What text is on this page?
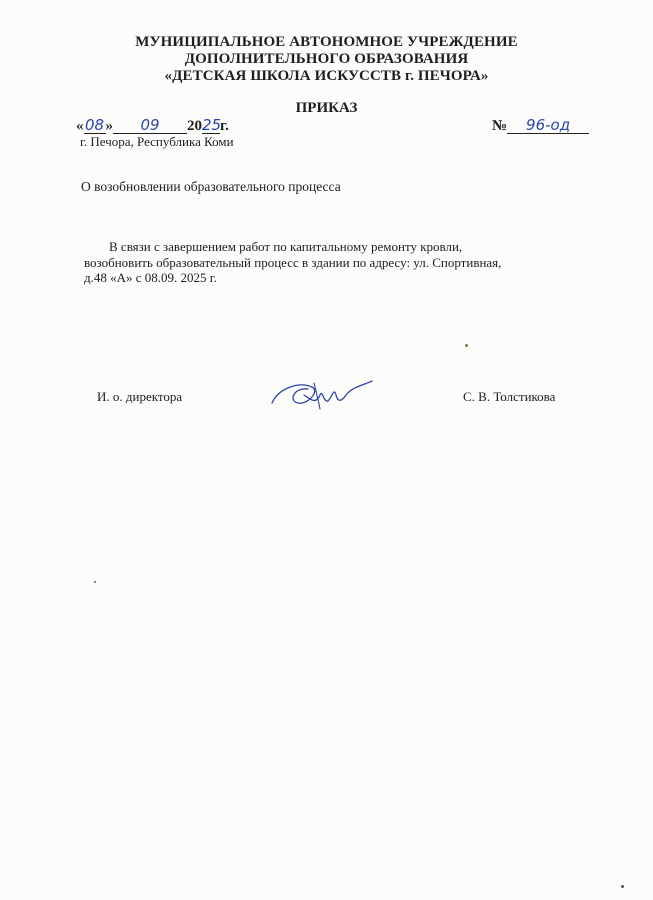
МУНИЦИПАЛЬНОЕ АВТОНОМНОЕ УЧРЕЖДЕНИЕ
ДОПОЛНИТЕЛЬНОГО ОБРАЗОВАНИЯ
«ДЕТСКАЯ ШКОЛА ИСКУССТВ г. ПЕЧОРА»
ПРИКАЗ
«08» 09 2025г.	№ 96-од
г. Печора, Республика Коми
О возобновлении образовательного процесса

В связи с завершением работ по капитальному ремонту кровли, возобновить образовательный процесс в здании по адресу: ул. Спортивная, д.48 «А» с 08.09. 2025 г.

И. о. директора	С. В. Толстикова
